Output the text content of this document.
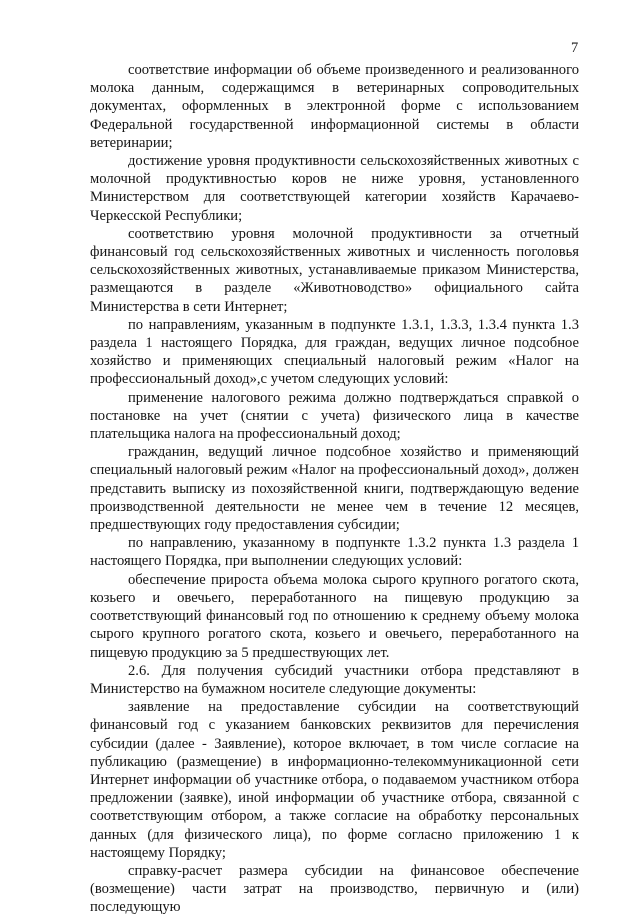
7

соответствие информации об объеме произведенного и реализованного молока данным, содержащимся в ветеринарных сопроводительных документах, оформленных в электронной форме с использованием Федеральной государственной информационной системы в области ветеринарии;

достижение уровня продуктивности сельскохозяйственных животных с молочной продуктивностью коров не ниже уровня, установленного Министерством для соответствующей категории хозяйств Карачаево-Черкесской Республики;

соответствию уровня молочной продуктивности за отчетный финансовый год сельскохозяйственных животных и численность поголовья сельскохозяйственных животных, устанавливаемые приказом Министерства, размещаются в разделе «Животноводство» официального сайта Министерства в сети Интернет;

по направлениям, указанным в подпункте 1.3.1, 1.3.3, 1.3.4 пункта 1.3 раздела 1 настоящего Порядка, для граждан, ведущих личное подсобное хозяйство и применяющих специальный налоговый режим «Налог на профессиональный доход»,с учетом следующих условий:

применение налогового режима должно подтверждаться справкой о постановке на учет (снятии с учета) физического лица в качестве плательщика налога на профессиональный доход;

гражданин, ведущий личное подсобное хозяйство и применяющий специальный налоговый режим «Налог на профессиональный доход», должен представить выписку из похозяйственной книги, подтверждающую ведение производственной деятельности не менее чем в течение 12 месяцев, предшествующих году предоставления субсидии;

по направлению, указанному в подпункте 1.3.2 пункта 1.3 раздела 1 настоящего Порядка, при выполнении следующих условий:

обеспечение прироста объема молока сырого крупного рогатого скота, козьего и овечьего, переработанного на пищевую продукцию за соответствующий финансовый год по отношению к среднему объему молока сырого крупного рогатого скота, козьего и овечьего, переработанного на пищевую продукцию за 5 предшествующих лет.

2.6. Для получения субсидий участники отбора представляют в Министерство на бумажном носителе следующие документы:

заявление на предоставление субсидии на соответствующий финансовый год с указанием банковских реквизитов для перечисления субсидии (далее - Заявление), которое включает, в том числе согласие на публикацию (размещение) в информационно-телекоммуникационной сети Интернет информации об участнике отбора, о подаваемом участником отбора предложении (заявке), иной информации об участнике отбора, связанной с соответствующим отбором, а также согласие на обработку персональных данных (для физического лица), по форме согласно приложению 1 к настоящему Порядку;

справку-расчет размера субсидии на финансовое обеспечение (возмещение) части затрат на производство, первичную и (или) последующую
